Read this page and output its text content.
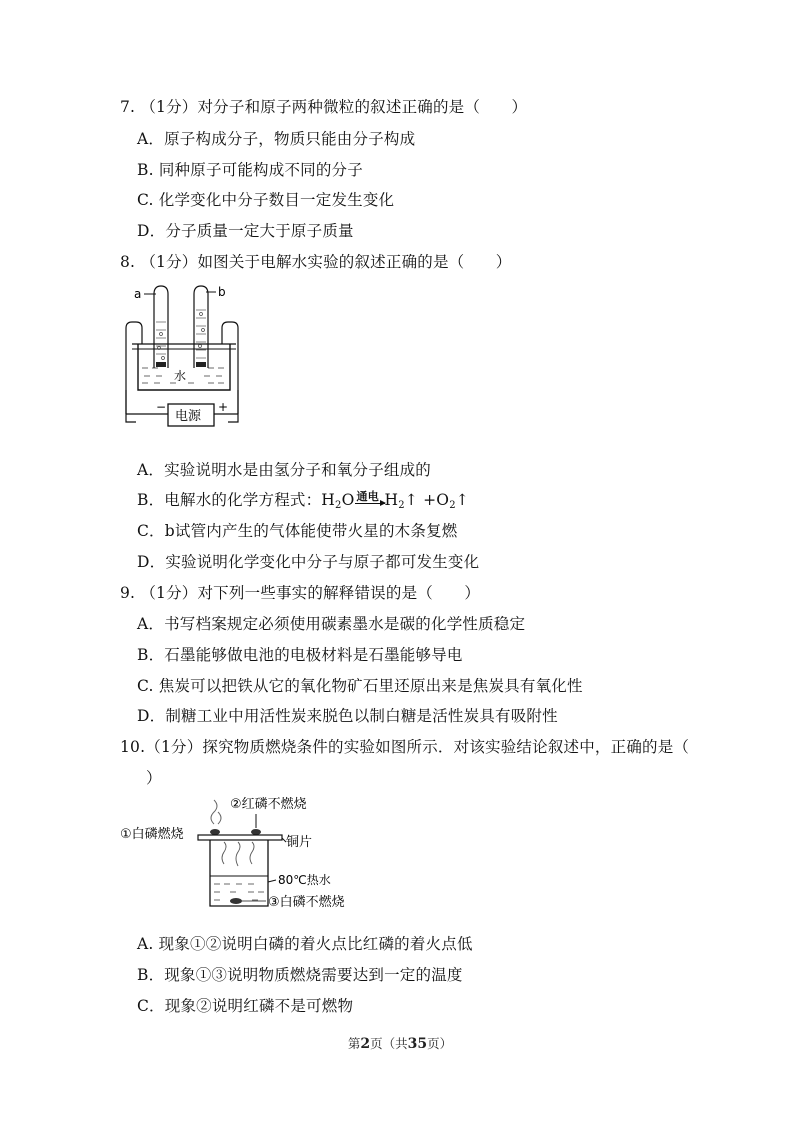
7. （1分）对分子和原子两种微粒的叙述正确的是（　　）
A．原子构成分子，物质只能由分子构成
B. 同种原子可能构成不同的分子
C. 化学变化中分子数目一定发生变化
D．分子质量一定大于原子质量
8. （1分）如图关于电解水实验的叙述正确的是（　　）
a	b
水
电源
−	+
A．实验说明水是由氢分子和氧分子组成的
B．电解水的化学方程式：$H_2O$ 通电 $H_2↑$ $+O_2↑$
C．b试管内产生的气体能使带火星的木条复燃
D．实验说明化学变化中分子与原子都可发生变化
9. （1分）对下列一些事实的解释错误的是（　　）
A．书写档案规定必须使用碳素墨水是碳的化学性质稳定
B．石墨能够做电池的电极材料是石墨能够导电
C. 焦炭可以把铁从它的氧化物矿石里还原出来是焦炭具有氧化性
D．制糖工业中用活性炭来脱色以制白糖是活性炭具有吸附性
10.（1分）探究物质燃烧条件的实验如图所示．对该实验结论叙述中，正确的是（
）
②红磷不燃烧
①白磷燃烧
铜片
80℃热水
③白磷不燃烧
A. 现象①②说明白磷的着火点比红磷的着火点低
B．现象①③说明物质燃烧需要达到一定的温度
C．现象②说明红磷不是可燃物
第2页（共35页）
